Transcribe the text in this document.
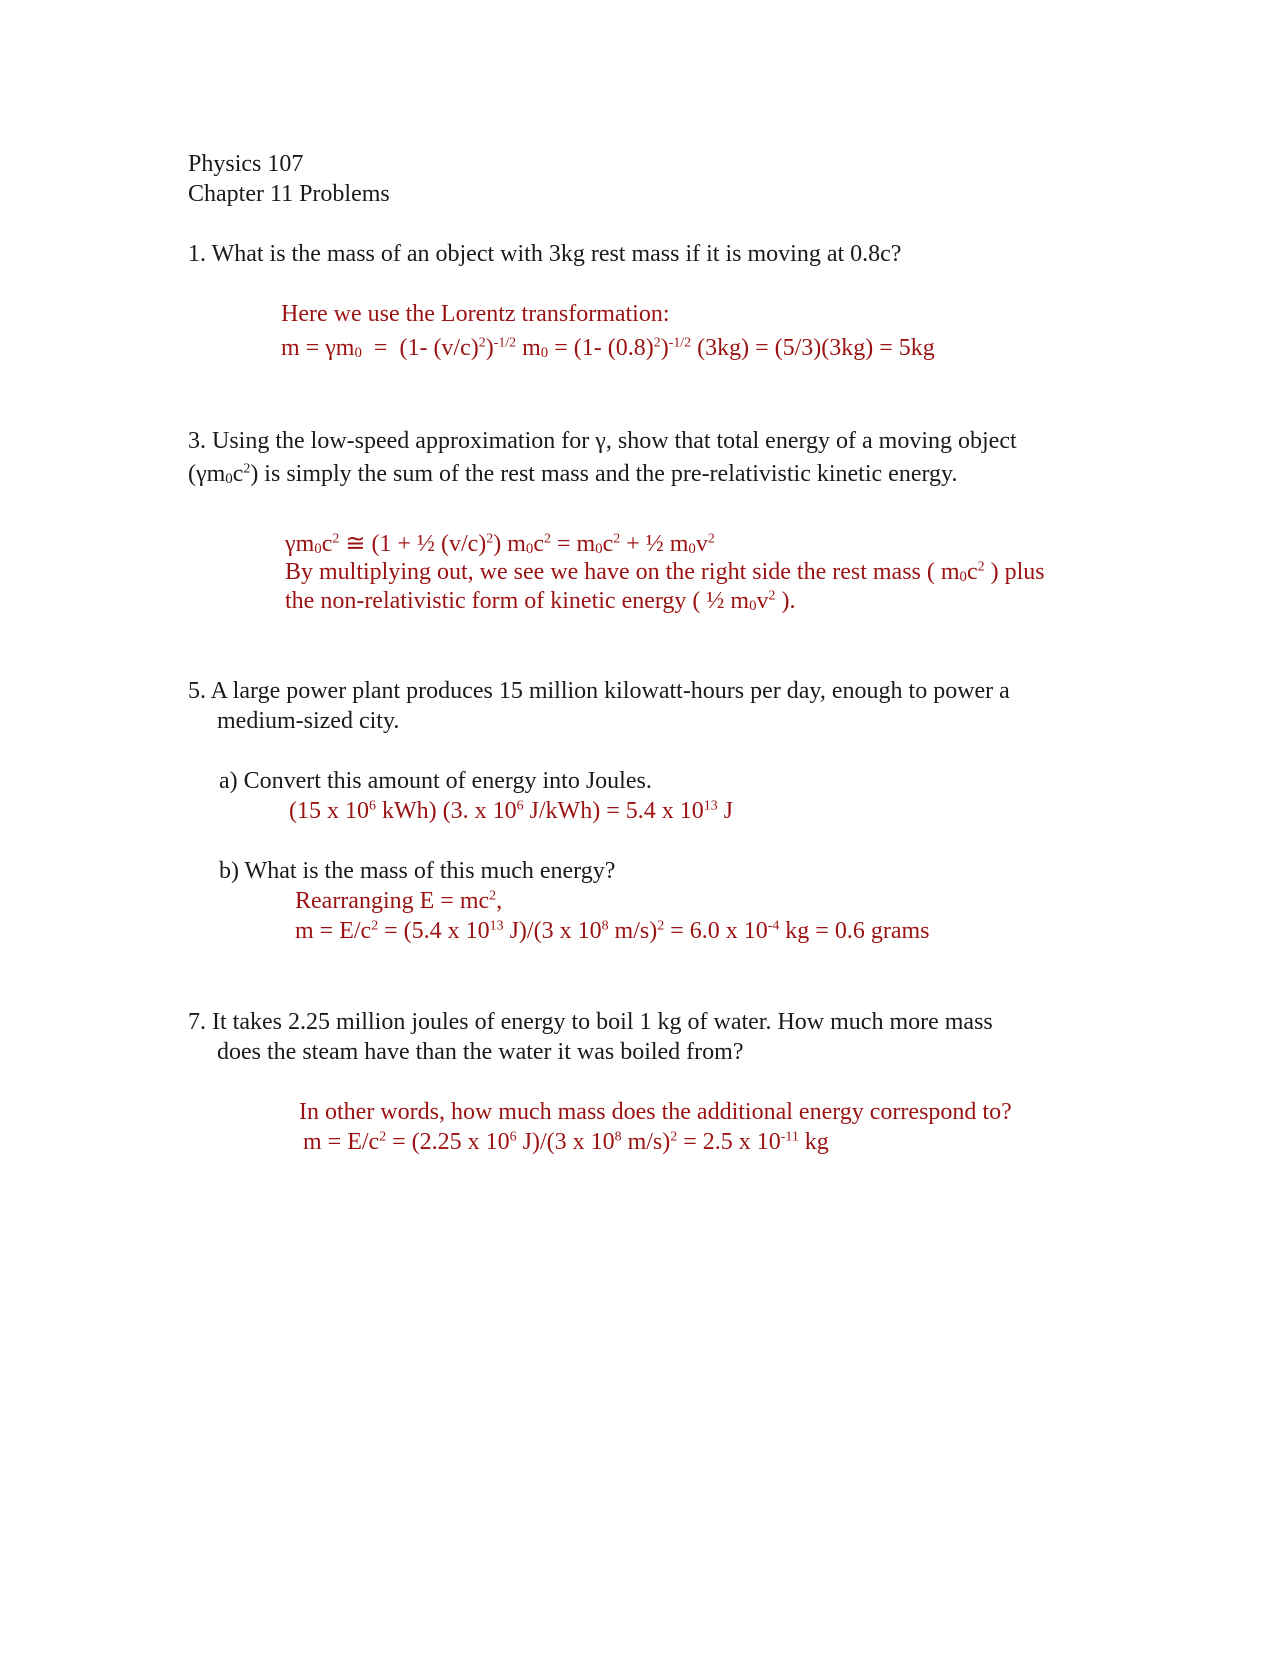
Physics 107
Chapter 11 Problems
1. What is the mass of an object with 3kg rest mass if it is moving at 0.8c?
Here we use the Lorentz transformation:
$m = \gamma m_0 = (1-$ $(v/c)^2)^{-1/2}$ $m_0 = (1-$ $(0.8)^2)^{-1/2}$ (3kg) = (5/3)(3kg) = 5kg
3. Using the low-speed approximation for γ, show that total energy of a moving object
$(\gamma m_0c^2)$ is simply the sum of the rest mass and the pre-relativistic kinetic energy.
$\gamma m_0c^2$ ≅ (1 + ½ $(v/c)^2$) $m_0c^2 = m_0c^2$ + ½ $m_0v^2$
By multiplying out, we see we have on the right side the rest mass ( $m_0c^2$ ) plus
the non-relativistic form of kinetic energy ( ½ $m_0v^2$ ).
5. A large power plant produces 15 million kilowatt-hours per day, enough to power a
medium-sized city.
a) Convert this amount of energy into Joules.
(15 x $10^6$ kWh) (3. x $10^6$ J/kWh) = 5.4 x $10^{13}$ J
b) What is the mass of this much energy?
Rearranging $E = mc^2$,
$m = E/c^2 = (5.4$ x $10^{13}$ J)/(3 x $10^8$ m/s)$^2$ = 6.0 x $10^{-4}$ kg = 0.6 grams
7. It takes 2.25 million joules of energy to boil 1 kg of water. How much more mass
does the steam have than the water it was boiled from?
In other words, how much mass does the additional energy correspond to?
$m = E/c^2 = (2.25$ x $10^6$ J)/(3 x $10^8$ m/s)$^2$ = 2.5 x $10^{-11}$ kg
